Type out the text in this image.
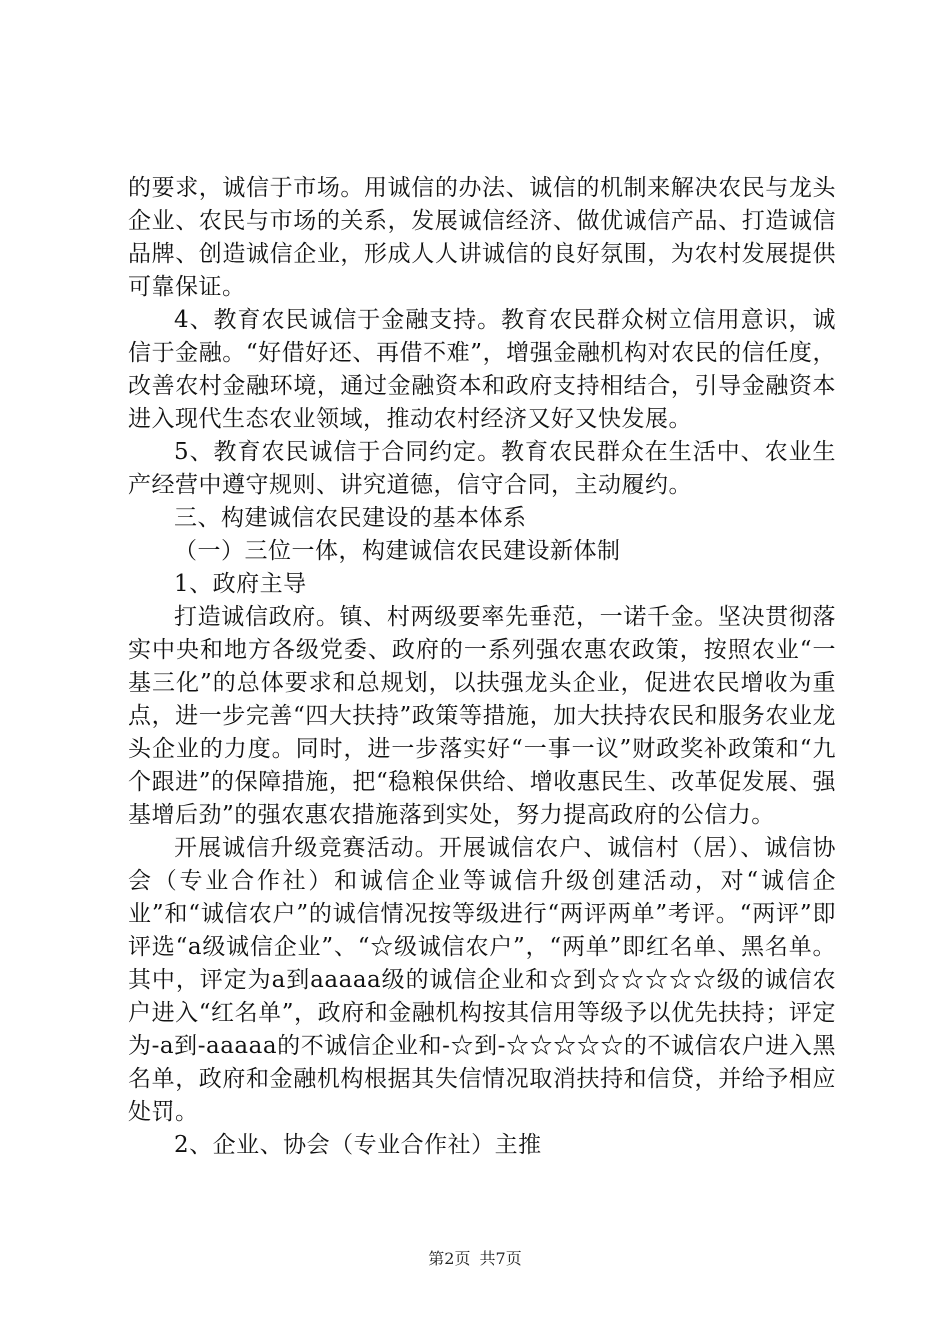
的要求，诚信于市场。用诚信的办法、诚信的机制来解决农民与龙头企业、农民与市场的关系，发展诚信经济、做优诚信产品、打造诚信品牌、创造诚信企业，形成人人讲诚信的良好氛围，为农村发展提供可靠保证。

4、教育农民诚信于金融支持。教育农民群众树立信用意识，诚信于金融。“好借好还、再借不难”，增强金融机构对农民的信任度，改善农村金融环境，通过金融资本和政府支持相结合，引导金融资本进入现代生态农业领域，推动农村经济又好又快发展。

5、教育农民诚信于合同约定。教育农民群众在生活中、农业生产经营中遵守规则、讲究道德，信守合同，主动履约。

三、构建诚信农民建设的基本体系

（一）三位一体，构建诚信农民建设新体制

1、政府主导

打造诚信政府。镇、村两级要率先垂范，一诺千金。坚决贯彻落实中央和地方各级党委、政府的一系列强农惠农政策，按照农业“一基三化”的总体要求和总规划，以扶强龙头企业，促进农民增收为重点，进一步完善“四大扶持”政策等措施，加大扶持农民和服务农业龙头企业的力度。同时，进一步落实好“一事一议”财政奖补政策和“九个跟进”的保障措施，把“稳粮保供给、增收惠民生、改革促发展、强基增后劲”的强农惠农措施落到实处，努力提高政府的公信力。

开展诚信升级竞赛活动。开展诚信农户、诚信村（居）、诚信协会（专业合作社）和诚信企业等诚信升级创建活动，对“诚信企业”和“诚信农户”的诚信情况按等级进行“两评两单”考评。“两评”即评选“a级诚信企业”、“☆级诚信农户”，“两单”即红名单、黑名单。其中，评定为a到aaaaa级的诚信企业和☆到☆☆☆☆☆级的诚信农户进入“红名单”，政府和金融机构按其信用等级予以优先扶持；评定为-a到-aaaaa的不诚信企业和-☆到-☆☆☆☆☆的不诚信农户进入黑名单，政府和金融机构根据其失信情况取消扶持和信贷，并给予相应处罚。

2、企业、协会（专业合作社）主推

第2页 共7页
